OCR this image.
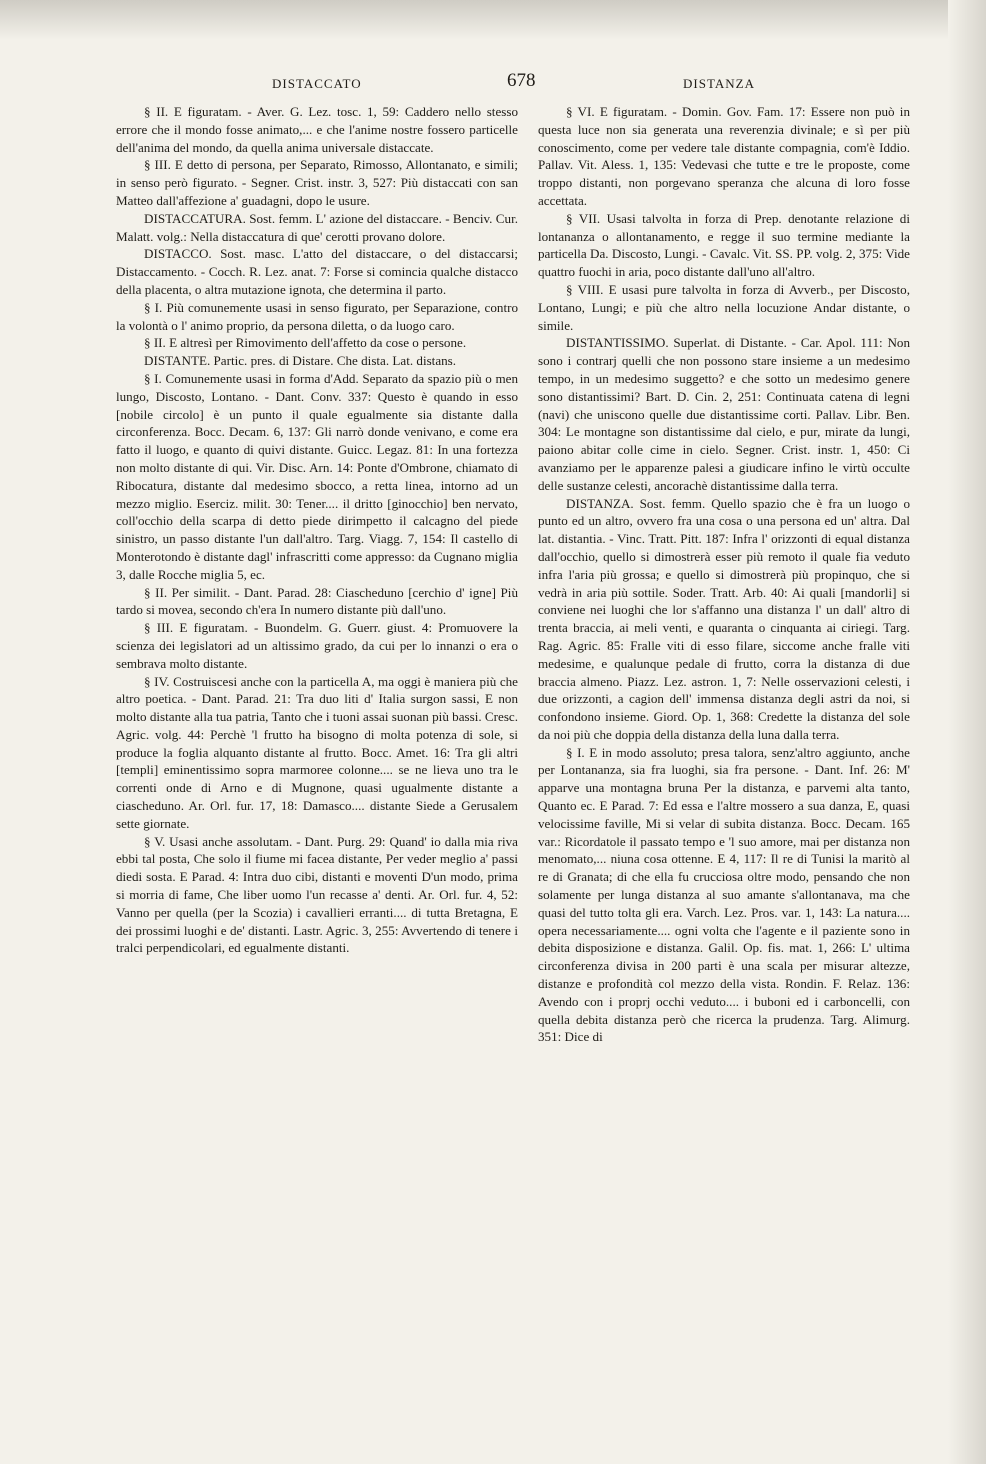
DISTACCATO	678	DISTANZA

§ II. E figuratam. - Aver. G. Lez. tosc. 1, 59: Caddero nello stesso errore che il mondo fosse animato,... e che l'anime nostre fossero particelle dell'anima del mondo, da quella anima universale distaccate.

§ III. E detto di persona, per Separato, Rimosso, Allontanato, e simili; in senso però figurato. - Segner. Crist. instr. 3, 527: Più distaccati con san Matteo dall'affezione a' guadagni, dopo le usure.

DISTACCATURA. Sost. femm. L' azione del distaccare. - Benciv. Cur. Malatt. volg.: Nella distaccatura di que' cerotti provano dolore.

DISTACCO. Sost. masc. L'atto del distaccare, o del distaccarsi; Distaccamento. - Cocch. R. Lez. anat. 7: Forse si comincia qualche distacco della placenta, o altra mutazione ignota, che determina il parto.

§ I. Più comunemente usasi in senso figurato, per Separazione, contro la volontà o l' animo proprio, da persona diletta, o da luogo caro.

§ II. E altresì per Rimovimento dell'affetto da cose o persone.

DISTANTE. Partic. pres. di Distare. Che dista. Lat. distans.

§ I. Comunemente usasi in forma d'Add. Separato da spazio più o men lungo, Discosto, Lontano. - Dant. Conv. 337: Questo è quando in esso [nobile circolo] è un punto il quale egualmente sia distante dalla circonferenza. Bocc. Decam. 6, 137: Gli narrò donde venivano, e come era fatto il luogo, e quanto di quivi distante. Guicc. Legaz. 81: In una fortezza non molto distante di qui. Vir. Disc. Arn. 14: Ponte d'Ombrone, chiamato di Ribocatura, distante dal medesimo sbocco, a retta linea, intorno ad un mezzo miglio. Eserciz. milit. 30: Tener.... il dritto [ginocchio] ben nervato, coll'occhio della scarpa di detto piede dirimpetto il calcagno del piede sinistro, un passo distante l'un dall'altro. Targ. Viagg. 7, 154: Il castello di Monterotondo è distante dagl' infrascritti come appresso: da Cugnano miglia 3, dalle Rocche miglia 5, ec.

§ II. Per similit. - Dant. Parad. 28: Ciascheduno [cerchio d' igne] Più tardo si movea, secondo ch'era In numero distante più dall'uno.

§ III. E figuratam. - Buondelm. G. Guerr. giust. 4: Promuovere la scienza dei legislatori ad un altissimo grado, da cui per lo innanzi o era o sembrava molto distante.

§ IV. Costruiscesi anche con la particella A, ma oggi è maniera più che altro poetica. - Dant. Parad. 21: Tra duo liti d' Italia surgon sassi, E non molto distante alla tua patria, Tanto che i tuoni assai suonan più bassi. Cresc. Agric. volg. 44: Perchè 'l frutto ha bisogno di molta potenza di sole, si produce la foglia alquanto distante al frutto. Bocc. Amet. 16: Tra gli altri [templi] eminentissimo sopra marmoree colonne.... se ne lieva uno tra le correnti onde di Arno e di Mugnone, quasi ugualmente distante a ciascheduno. Ar. Orl. fur. 17, 18: Damasco.... distante Siede a Gerusalem sette giornate.

§ V. Usasi anche assolutam. - Dant. Purg. 29: Quand' io dalla mia riva ebbi tal posta, Che solo il fiume mi facea distante, Per veder meglio a' passi diedi sosta. E Parad. 4: Intra duo cibi, distanti e moventi D'un modo, prima si morria di fame, Che liber uomo l'un recasse a' denti. Ar. Orl. fur. 4, 52: Vanno per quella (per la Scozia) i cavallieri erranti.... di tutta Bretagna, E dei prossimi luoghi e de' distanti. Lastr. Agric. 3, 255: Avvertendo di tenere i tralci perpendicolari, ed egualmente distanti.

§ VI. E figuratam. - Domin. Gov. Fam. 17: Essere non può in questa luce non sia generata una reverenzia divinale; e sì per più conoscimento, come per vedere tale distante compagnia, com'è Iddio. Pallav. Vit. Aless. 1, 135: Vedevasi che tutte e tre le proposte, come troppo distanti, non porgevano speranza che alcuna di loro fosse accettata.

§ VII. Usasi talvolta in forza di Prep. denotante relazione di lontananza o allontanamento, e regge il suo termine mediante la particella Da. Discosto, Lungi. - Cavalc. Vit. SS. PP. volg. 2, 375: Vide quattro fuochi in aria, poco distante dall'uno all'altro.

§ VIII. E usasi pure talvolta in forza di Avverb., per Discosto, Lontano, Lungi; e più che altro nella locuzione Andar distante, o simile.

DISTANTISSIMO. Superlat. di Distante. - Car. Apol. 111: Non sono i contrarj quelli che non possono stare insieme a un medesimo tempo, in un medesimo suggetto? e che sotto un medesimo genere sono distantissimi? Bart. D. Cin. 2, 251: Continuata catena di legni (navi) che uniscono quelle due distantissime corti. Pallav. Libr. Ben. 304: Le montagne son distantissime dal cielo, e pur, mirate da lungi, paiono abitar colle cime in cielo. Segner. Crist. instr. 1, 450: Ci avanziamo per le apparenze palesi a giudicare infino le virtù occulte delle sustanze celesti, ancorachè distantissime dalla terra.

DISTANZA. Sost. femm. Quello spazio che è fra un luogo o punto ed un altro, ovvero fra una cosa o una persona ed un' altra. Dal lat. distantia. - Vinc. Tratt. Pitt. 187: Infra l' orizzonti di equal distanza dall'occhio, quello si dimostrerà esser più remoto il quale fia veduto infra l'aria più grossa; e quello si dimostrerà più propinquo, che si vedrà in aria più sottile. Soder. Tratt. Arb. 40: Ai quali [mandorli] si conviene nei luoghi che lor s'affanno una distanza l' un dall' altro di trenta braccia, ai meli venti, e quaranta o cinquanta ai ciriegi. Targ. Rag. Agric. 85: Fralle viti di esso filare, siccome anche fralle viti medesime, e qualunque pedale di frutto, corra la distanza di due braccia almeno. Piazz. Lez. astron. 1, 7: Nelle osservazioni celesti, i due orizzonti, a cagion dell' immensa distanza degli astri da noi, si confondono insieme. Giord. Op. 1, 368: Credette la distanza del sole da noi più che doppia della distanza della luna dalla terra.

§ I. E in modo assoluto; presa talora, senz'altro aggiunto, anche per Lontananza, sia fra luoghi, sia fra persone. - Dant. Inf. 26: M' apparve una montagna bruna Per la distanza, e parvemi alta tanto, Quanto ec. E Parad. 7: Ed essa e l'altre mossero a sua danza, E, quasi velocissime faville, Mi si velar di subita distanza. Bocc. Decam. 165 var.: Ricordatole il passato tempo e 'l suo amore, mai per distanza non menomato,... niuna cosa ottenne. E 4, 117: Il re di Tunisi la maritò al re di Granata; di che ella fu crucciosa oltre modo, pensando che non solamente per lunga distanza al suo amante s'allontanava, ma che quasi del tutto tolta gli era. Varch. Lez. Pros. var. 1, 143: La natura.... opera necessariamente.... ogni volta che l'agente e il paziente sono in debita disposizione e distanza. Galil. Op. fis. mat. 1, 266: L' ultima circonferenza divisa in 200 parti è una scala per misurar altezze, distanze e profondità col mezzo della vista. Rondin. F. Relaz. 136: Avendo con i proprj occhi veduto.... i buboni ed i carboncelli, con quella debita distanza però che ricerca la prudenza. Targ. Alimurg. 351: Dice di
